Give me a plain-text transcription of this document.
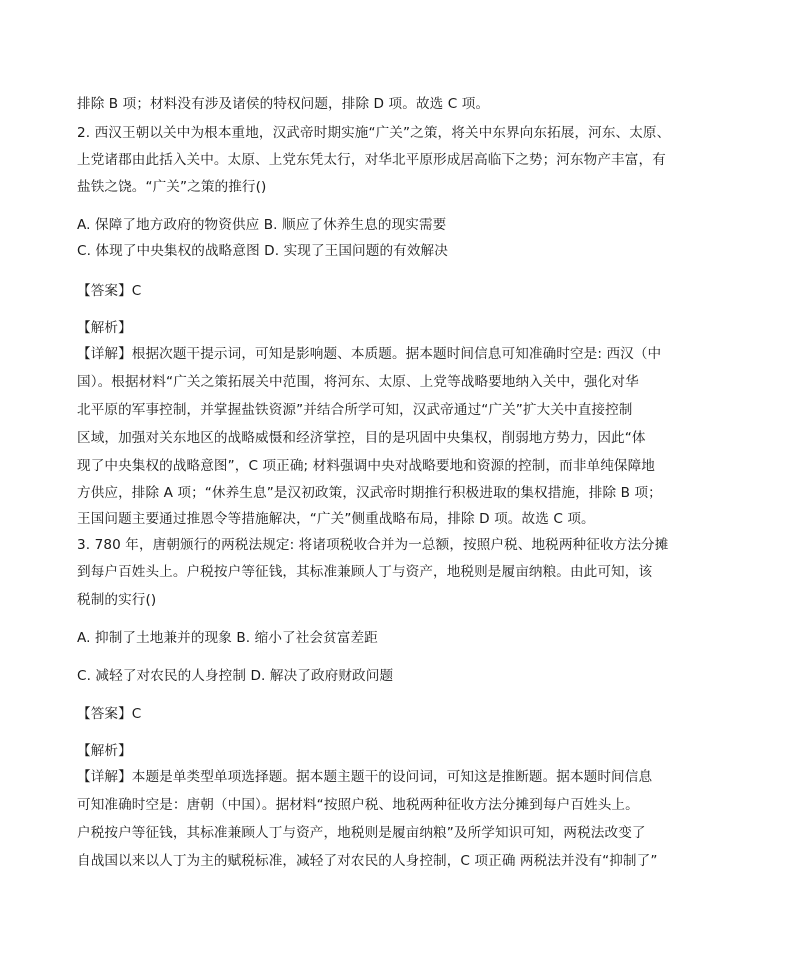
排除 B 项；材料没有涉及诸侯的特权问题，排除 D 项。故选 C 项。
2. 西汉王朝以关中为根本重地，汉武帝时期实施“广关”之策，将关中东界向东拓展，河东、太原、
上党诸郡由此括入关中。太原、上党东凭太行，对华北平原形成居高临下之势；河东物产丰富，有
盐铁之饶。“广关”之策的推行()
A. 保障了地方政府的物资供应 B. 顺应了休养生息的现实需要
C. 体现了中央集权的战略意图 D. 实现了王国问题的有效解决
【答案】C
【解析】
【详解】根据次题干提示词，可知是影响题、本质题。据本题时间信息可知准确时空是: 西汉（中
国）。根据材料“广关之策拓展关中范围，将河东、太原、上党等战略要地纳入关中，强化对华
北平原的军事控制，并掌握盐铁资源”并结合所学可知，汉武帝通过“广关”扩大关中直接控制
区域，加强对关东地区的战略威慑和经济掌控，目的是巩固中央集权，削弱地方势力，因此“体
现了中央集权的战略意图”，C 项正确; 材料强调中央对战略要地和资源的控制，而非单纯保障地
方供应，排除 A 项；“休养生息”是汉初政策，汉武帝时期推行积极进取的集权措施，排除 B 项；
王国问题主要通过推恩令等措施解决，“广关”侧重战略布局，排除 D 项。故选 C 项。
3. 780 年，唐朝颁行的两税法规定: 将诸项税收合并为一总额，按照户税、地税两种征收方法分摊
到每户百姓头上。户税按户等征钱，其标准兼顾人丁与资产，地税则是履亩纳粮。由此可知，该
税制的实行()
A. 抑制了土地兼并的现象 B. 缩小了社会贫富差距
C. 减轻了对农民的人身控制 D. 解决了政府财政问题
【答案】C
【解析】
【详解】本题是单类型单项选择题。据本题主题干的设问词，可知这是推断题。据本题时间信息
可知准确时空是：唐朝（中国）。据材料“按照户税、地税两种征收方法分摊到每户百姓头上。
户税按户等征钱，其标准兼顾人丁与资产，地税则是履亩纳粮”及所学知识可知，两税法改变了
自战国以来以人丁为主的赋税标准，减轻了对农民的人身控制，C 项正确 两税法并没有“抑制了”
